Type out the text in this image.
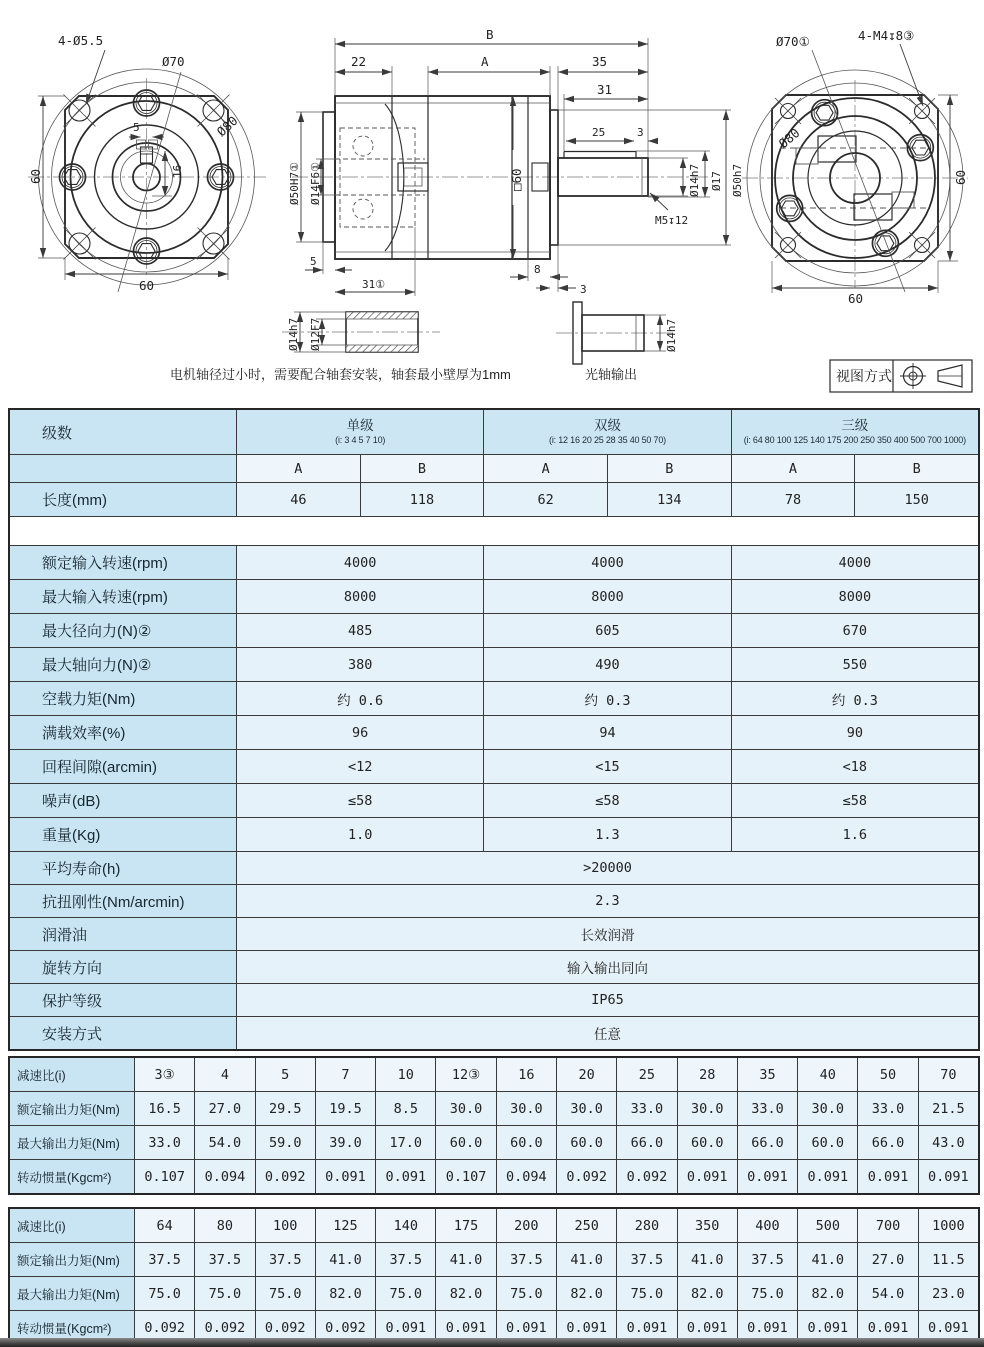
4-Ø5.5
Ø70
Ø80
60
60
16
5
B
22	A	35
31
25	3
Ø50H7① Ø14F6①	□60	Ø14h7 Ø17 Ø50h7
M5↧12
5
31①
8
3
Ø70①	4-M4↧8③
Ø80
60
60
Ø14h7 Ø12F7
电机轴径过小时，需要配合轴套安装，轴套最小壁厚为1mm
Ø14h7
光轴输出	视图方式
级数	单级
(i: 3 4 5 7 10)
双级
(i: 12 16 20 25 28 35 40 50 70)
三级
(i: 64 80 100 125 140 175 200 250 350 400 500 700 1000)
A	B	A	B	A	B
长度(mm)	46	118	62	134	78	150
额定输入转速(rpm)	4000	4000	4000
最大输入转速(rpm)	8000	8000	8000
最大径向力(N)②	485	605	670
最大轴向力(N)②	380	490	550
空载力矩(Nm)	约 0.6	约 0.3	约 0.3
满载效率(%)	96	94	90
回程间隙(arcmin)	<12	<15	<18
噪声(dB)	≤58	≤58	≤58
重量(Kg)	1.0	1.3	1.6
平均寿命(h)	>20000
抗扭刚性(Nm/arcmin)	2.3
润滑油	长效润滑
旋转方向	输入输出同向
保护等级	IP65
安装方式	任意
减速比(i)	3③	4	5	7	10	12③	16	20	25	28	35	40	50	70
额定输出力矩(Nm)	16.5	27.0	29.5	19.5	8.5	30.0	30.0	30.0	33.0	30.0	33.0	30.0	33.0	21.5
最大输出力矩(Nm)	33.0	54.0	59.0	39.0	17.0	60.0	60.0	60.0	66.0	60.0	66.0	60.0	66.0	43.0
转动惯量(Kgcm²)	0.107	0.094	0.092	0.091	0.091	0.107	0.094	0.092	0.092	0.091	0.091	0.091	0.091	0.091
减速比(i)	64	80	100	125	140	175	200	250	280	350	400	500	700	1000
额定输出力矩(Nm)	37.5	37.5	37.5	41.0	37.5	41.0	37.5	41.0	37.5	41.0	37.5	41.0	27.0	11.5
最大输出力矩(Nm)	75.0	75.0	75.0	82.0	75.0	82.0	75.0	82.0	75.0	82.0	75.0	82.0	54.0	23.0
转动惯量(Kgcm²)	0.092	0.092	0.092	0.092	0.091	0.091	0.091	0.091	0.091	0.091	0.091	0.091	0.091	0.091
